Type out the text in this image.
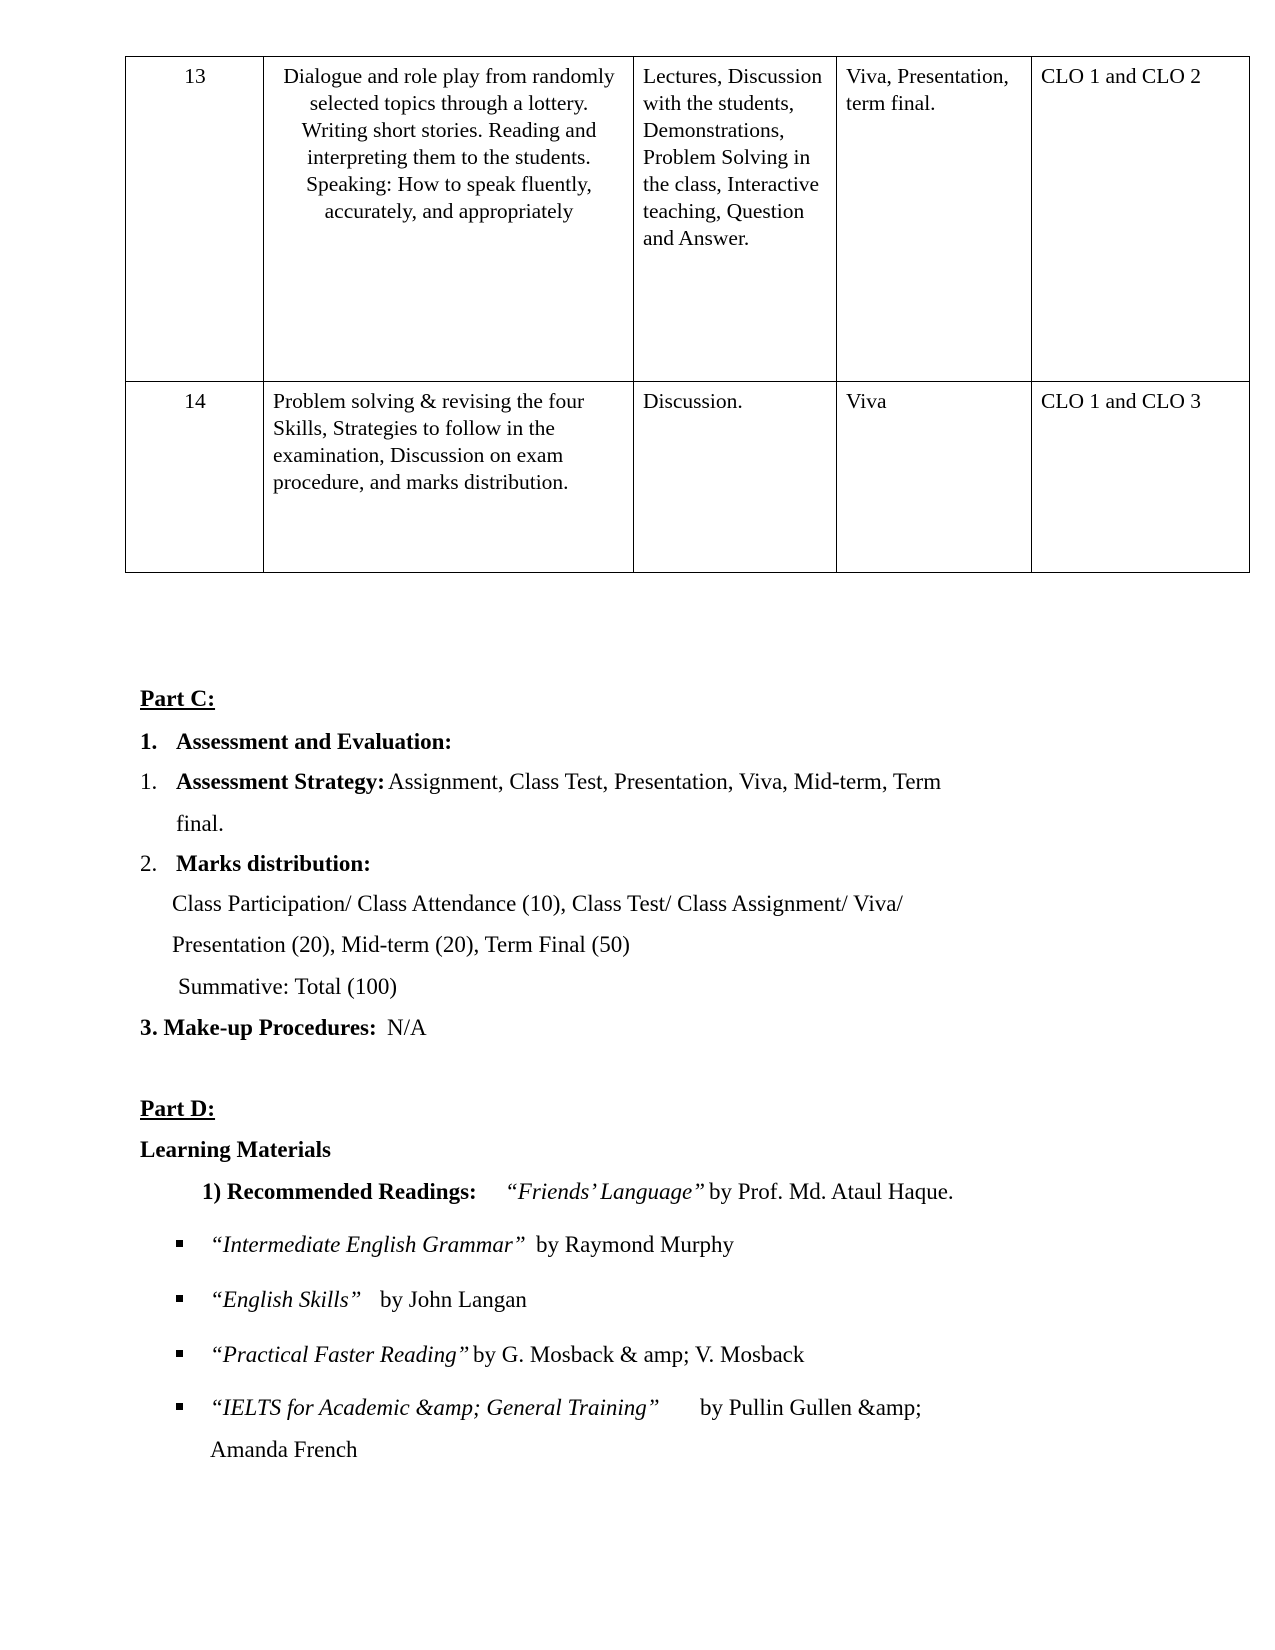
13	Dialogue and role play from randomly selected topics through a lottery.
Writing short stories. Reading and interpreting them to the students.
Speaking: How to speak fluently, accurately, and appropriately	Lectures, Discussion with the students, Demonstrations, Problem Solving in the class, Interactive teaching, Question and Answer.	Viva, Presentation, term final.	CLO 1 and CLO 2
14	Problem solving & revising the four Skills, Strategies to follow in the examination, Discussion on exam procedure, and marks distribution.	Discussion.	Viva	CLO 1 and CLO 3
Part C:
1. Assessment and Evaluation:
1. Assessment Strategy: Assignment, Class Test, Presentation, Viva, Mid-term, Term
final.
2. Marks distribution:
Class Participation/ Class Attendance (10), Class Test/ Class Assignment/ Viva/
Presentation (20), Mid-term (20), Term Final (50)
Summative: Total (100)
3 . Make-up Procedures: N/A
Part D:
Learning Materials
1) Recommended Readings: “Friends’ Language” by Prof. Md. Ataul Haque.
“Intermediate English Grammar” by Raymond Murphy
“English Skills” by John Langan
“Practical Faster Reading” by G. Mosback & amp; V. Mosback
“IELTS for Academic &amp; General Training” by Pullin Gullen &amp;
Amanda French
